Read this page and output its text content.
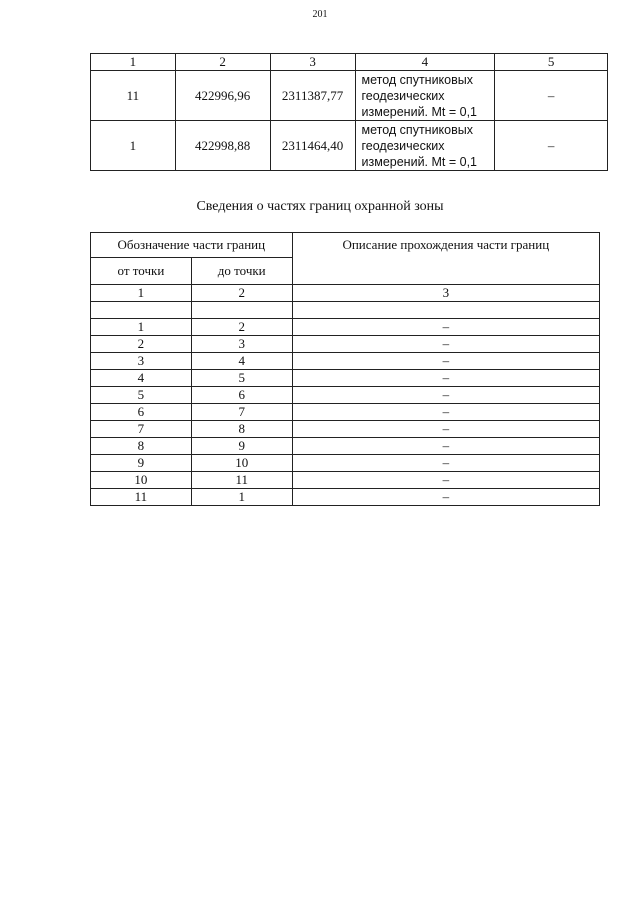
201
1	2	3	4	5
11	422996,96	2311387,77	метод спутниковых
геодезических
измерений. Mt = 0,1	–
1	422998,88	2311464,40	метод спутниковых
геодезических
измерений. Mt = 0,1	–
Сведения о частях границ охранной зоны
Обозначение части границ		Описание прохождения части границ
от точки	до точки	
1	2	3

1	2	–
2	3	–
3	4	–
4	5	–
5	6	–
6	7	–
7	8	–
8	9	–
9	10	–
10	11	–
11	1	–
